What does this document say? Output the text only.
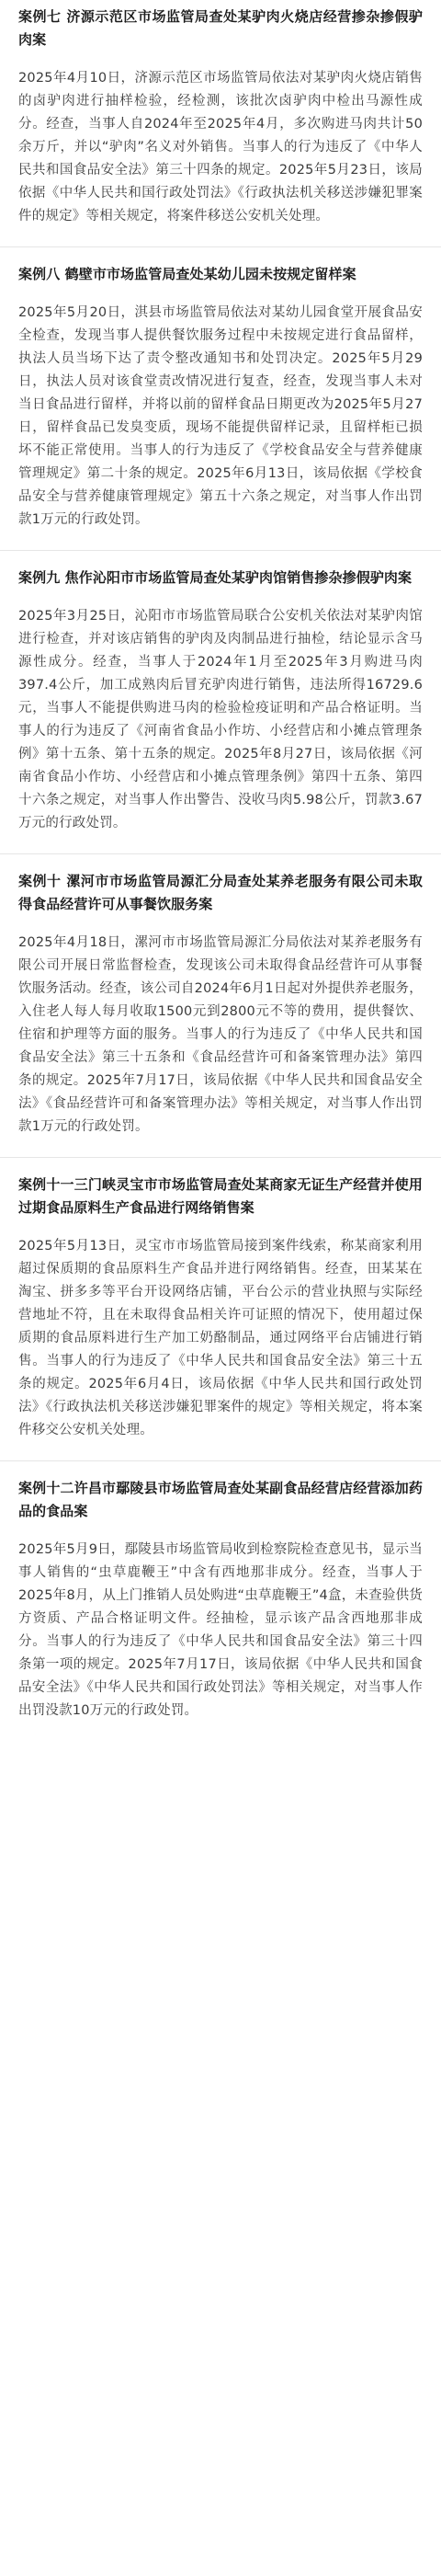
案例七 济源示范区市场监管局查处某驴肉火烧店经营掺杂掺假驴肉案

2025年4月10日，济源示范区市场监管局依法对某驴肉火烧店销售的卤驴肉进行抽样检验，经检测，该批次卤驴肉中检出马源性成分。经查，当事人自2024年至2025年4月，多次购进马肉共计50余万斤，并以“驴肉”名义对外销售。当事人的行为违反了《中华人民共和国食品安全法》第三十四条的规定。2025年5月23日，该局依据《中华人民共和国行政处罚法》《行政执法机关移送涉嫌犯罪案件的规定》等相关规定，将案件移送公安机关处理。

案例八 鹤壁市市场监管局查处某幼儿园未按规定留样案

2025年5月20日，淇县市场监管局依法对某幼儿园食堂开展食品安全检查，发现当事人提供餐饮服务过程中未按规定进行食品留样，执法人员当场下达了责令整改通知书和处罚决定。2025年5月29日，执法人员对该食堂责改情况进行复查，经查，发现当事人未对当日食品进行留样，并将以前的留样食品日期更改为2025年5月27日，留样食品已发臭变质，现场不能提供留样记录，且留样柜已损坏不能正常使用。当事人的行为违反了《学校食品安全与营养健康管理规定》第二十条的规定。2025年6月13日，该局依据《学校食品安全与营养健康管理规定》第五十六条之规定，对当事人作出罚款1万元的行政处罚。

案例九 焦作沁阳市市场监管局查处某驴肉馆销售掺杂掺假驴肉案

2025年3月25日，沁阳市市场监管局联合公安机关依法对某驴肉馆进行检查，并对该店销售的驴肉及肉制品进行抽检，结论显示含马源性成分。经查，当事人于2024年1月至2025年3月购进马肉397.4公斤，加工成熟肉后冒充驴肉进行销售，违法所得16729.6元，当事人不能提供购进马肉的检验检疫证明和产品合格证明。当事人的行为违反了《河南省食品小作坊、小经营店和小摊点管理条例》第十五条、第十五条的规定。2025年8月27日，该局依据《河南省食品小作坊、小经营店和小摊点管理条例》第四十五条、第四十六条之规定，对当事人作出警告、没收马肉5.98公斤，罚款3.67万元的行政处罚。

案例十 漯河市市场监管局源汇分局查处某养老服务有限公司未取得食品经营许可从事餐饮服务案

2025年4月18日，漯河市市场监管局源汇分局依法对某养老服务有限公司开展日常监督检查，发现该公司未取得食品经营许可从事餐饮服务活动。经查，该公司自2024年6月1日起对外提供养老服务，入住老人每人每月收取1500元到2800元不等的费用，提供餐饮、住宿和护理等方面的服务。当事人的行为违反了《中华人民共和国食品安全法》第三十五条和《食品经营许可和备案管理办法》第四条的规定。2025年7月17日，该局依据《中华人民共和国食品安全法》《食品经营许可和备案管理办法》等相关规定，对当事人作出罚款1万元的行政处罚。

案例十一三门峡灵宝市市场监管局查处某商家无证生产经营并使用过期食品原料生产食品进行网络销售案

2025年5月13日，灵宝市市场监管局接到案件线索，称某商家利用超过保质期的食品原料生产食品并进行网络销售。经查，田某某在淘宝、拼多多等平台开设网络店铺，平台公示的营业执照与实际经营地址不符，且在未取得食品相关许可证照的情况下，使用超过保质期的食品原料进行生产加工奶酪制品，通过网络平台店铺进行销售。当事人的行为违反了《中华人民共和国食品安全法》第三十五条的规定。2025年6月4日，该局依据《中华人民共和国行政处罚法》《行政执法机关移送涉嫌犯罪案件的规定》等相关规定，将本案件移交公安机关处理。

案例十二许昌市鄢陵县市场监管局查处某副食品经营店经营添加药品的食品案

2025年5月9日，鄢陵县市场监管局收到检察院检查意见书，显示当事人销售的“虫草鹿鞭王”中含有西地那非成分。经查，当事人于2025年8月，从上门推销人员处购进“虫草鹿鞭王”4盒，未查验供货方资质、产品合格证明文件。经抽检，显示该产品含西地那非成分。当事人的行为违反了《中华人民共和国食品安全法》第三十四条第一项的规定。2025年7月17日，该局依据《中华人民共和国食品安全法》《中华人民共和国行政处罚法》等相关规定，对当事人作出罚没款10万元的行政处罚。
